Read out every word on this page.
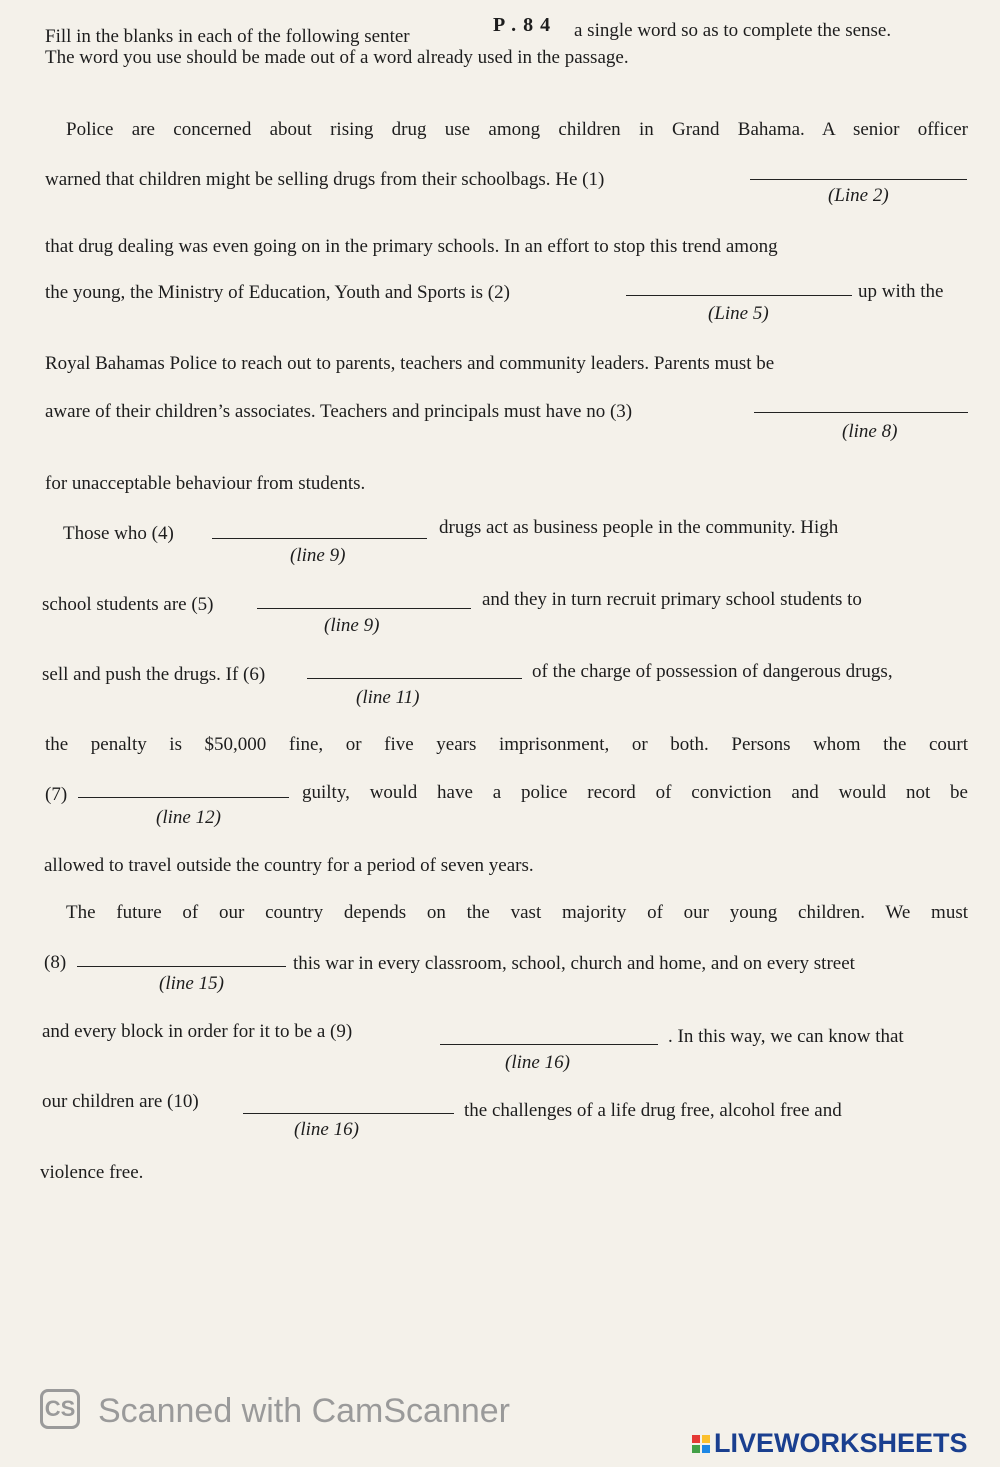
P . 8 4
Fill in the blanks in each of the following senter	a single word so as to complete the sense.
The word you use should be made out of a word already used in the passage.
Police are concerned about rising drug use among children in Grand Bahama. A senior officer
warned that children might be selling drugs from their schoolbags. He (1)
(Line 2)
that drug dealing was even going on in the primary schools. In an effort to stop this trend among
the young, the Ministry of Education, Youth and Sports is (2)	up with the
(Line 5)
Royal Bahamas Police to reach out to parents, teachers and community leaders. Parents must be
aware of their children’s associates. Teachers and principals must have no (3)
(line 8)
for unacceptable behaviour from students.
Those who (4)	drugs act as business people in the community. High
(line 9)
school students are (5)	and they in turn recruit primary school students to
(line 9)
sell and push the drugs. If (6)	of the charge of possession of dangerous drugs,
(line 11)
the penalty is $50,000 fine, or five years imprisonment, or both. Persons whom the court
(7)	guilty, would have a police record of conviction and would not be
(line 12)
allowed to travel outside the country for a period of seven years.
The future of our country depends on the vast majority of our young children. We must
(8)	this war in every classroom, school, church and home, and on every street
(line 15)
and every block in order for it to be a (9)	. In this way, we can know that
(line 16)
our children are (10)	the challenges of a life drug free, alcohol free and
(line 16)
violence free.
CS Scanned with CamScanner
LIVEWORKSHEETS
